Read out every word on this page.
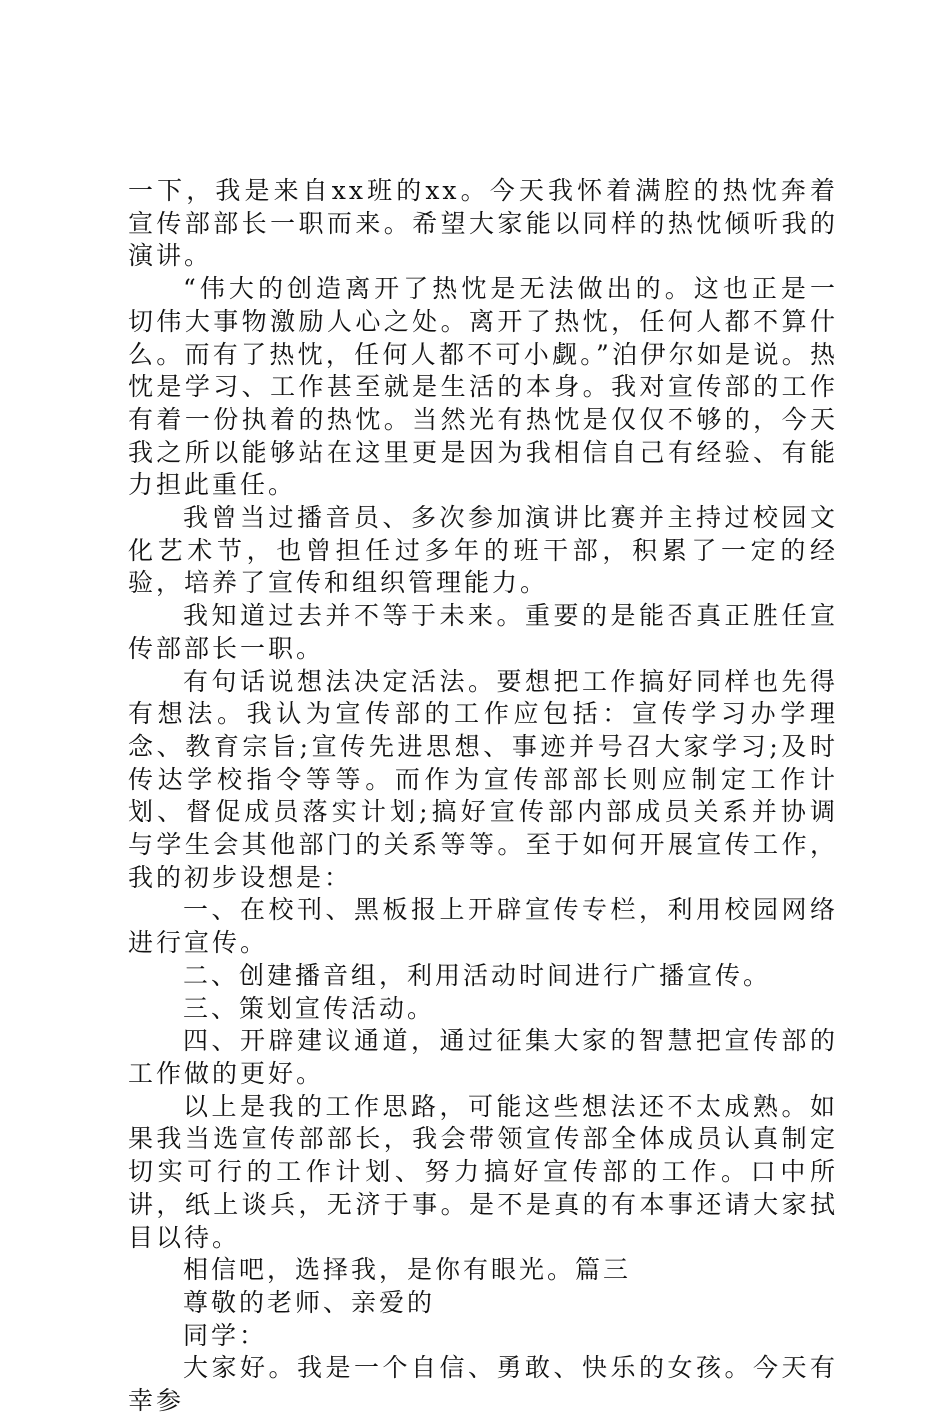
一下，我是来自xx班的xx。今天我怀着满腔的热忱奔着宣传部部长一职而来。希望大家能以同样的热忱倾听我的演讲。

“伟大的创造离开了热忱是无法做出的。这也正是一切伟大事物激励人心之处。离开了热忱，任何人都不算什么。而有了热忱，任何人都不可小觑。”泊伊尔如是说。热忱是学习、工作甚至就是生活的本身。我对宣传部的工作有着一份执着的热忱。当然光有热忱是仅仅不够的，今天我之所以能够站在这里更是因为我相信自己有经验、有能力担此重任。

我曾当过播音员、多次参加演讲比赛并主持过校园文化艺术节，也曾担任过多年的班干部，积累了一定的经验，培养了宣传和组织管理能力。

我知道过去并不等于未来。重要的是能否真正胜任宣传部部长一职。

有句话说想法决定活法。要想把工作搞好同样也先得有想法。我认为宣传部的工作应包括：宣传学习办学理念、教育宗旨;宣传先进思想、事迹并号召大家学习;及时传达学校指令等等。而作为宣传部部长则应制定工作计划、督促成员落实计划;搞好宣传部内部成员关系并协调与学生会其他部门的关系等等。至于如何开展宣传工作，我的初步设想是：

一、在校刊、黑板报上开辟宣传专栏，利用校园网络进行宣传。

二、创建播音组，利用活动时间进行广播宣传。

三、策划宣传活动。

四、开辟建议通道，通过征集大家的智慧把宣传部的工作做的更好。

以上是我的工作思路，可能这些想法还不太成熟。如果我当选宣传部部长，我会带领宣传部全体成员认真制定切实可行的工作计划、努力搞好宣传部的工作。口中所讲，纸上谈兵，无济于事。是不是真的有本事还请大家拭目以待。

相信吧，选择我，是你有眼光。篇三

尊敬的老师、亲爱的

同学：

大家好。我是一个自信、勇敢、快乐的女孩。今天有幸参
